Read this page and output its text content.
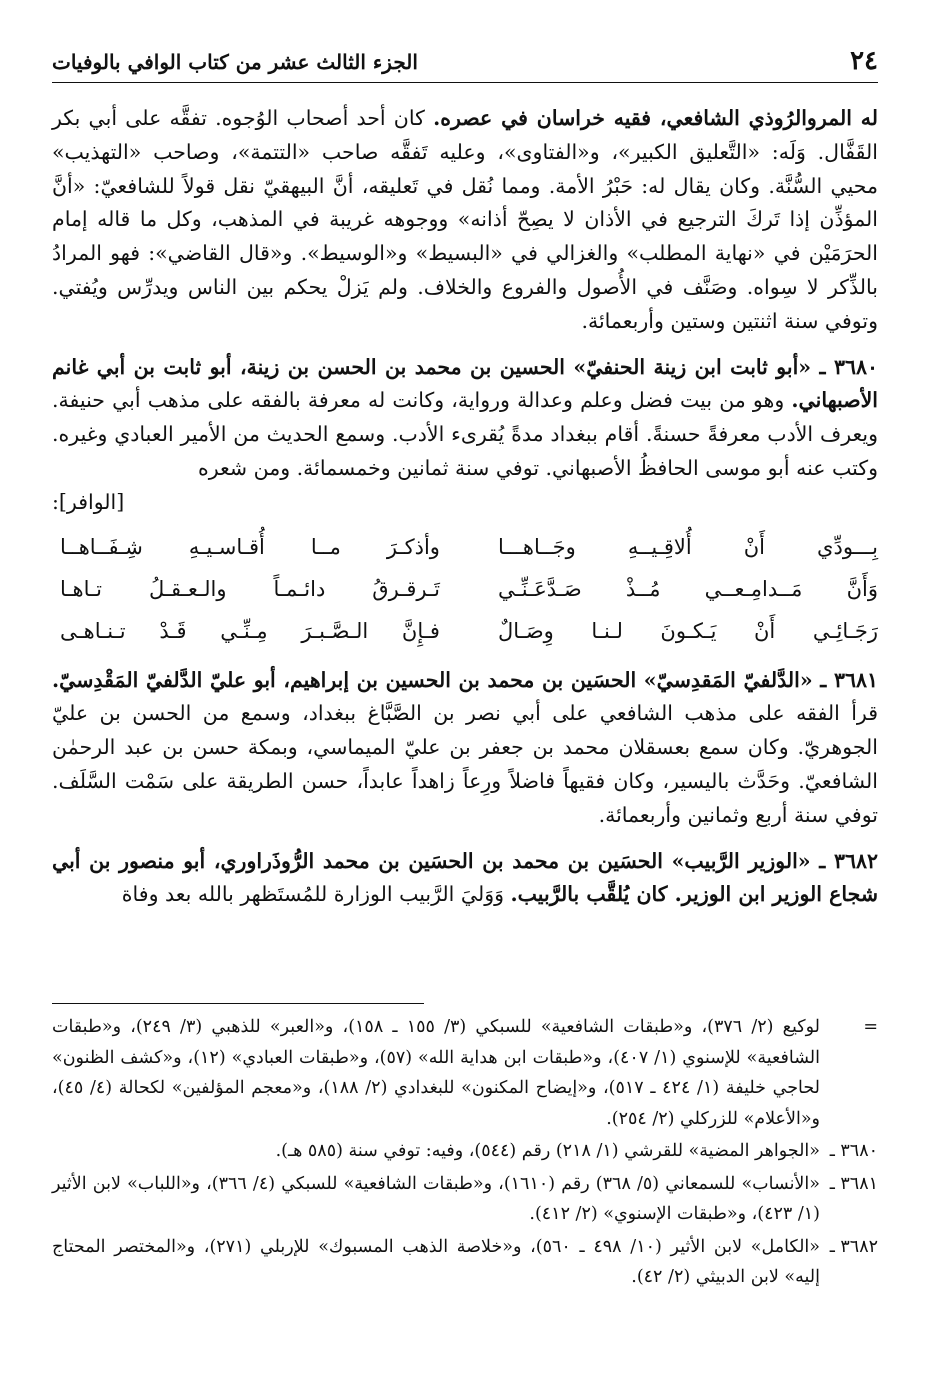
٢٤
الجزء الثالث عشر من كتاب الوافي بالوفيات

له المروالرُوذي الشافعي، فقيه خراسان في عصره. كان أحد أصحاب الوُجوه. تفقَّه على أبي بكر القَفَّال. وَلَه: «التَّعليق الكبير»، و«الفتاوى»، وعليه تَفقَّه صاحب «التتمة»، وصاحب «التهذيب» محيي السُّنَّة. وكان يقال له: حَبْرُ الأمة. ومما نُقل في تَعليقه، أنَّ البيهقيّ نقل قولاً للشافعيّ: «أنَّ المؤذِّن إذا تَركَ الترجيع في الأذان لا يصِحّ أذانه» ووجوهه غريبة في المذهب، وكل ما قاله إمام الحرَمَيْن في «نهاية المطلب» والغزالي في «البسيط» و«الوسيط». و«قال القاضي»: فهو المرادُ بالذِّكر لا سِواه. وصَنَّف في الأُصول والفروع والخلاف. ولم يَزلْ يحكم بين الناس ويدرِّس ويُفتي. وتوفي سنة اثنتين وستين وأربعمائة.

٣٦٨٠ ـ «أبو ثابت ابن زينة الحنفيّ» الحسين بن محمد بن الحسن بن زينة، أبو ثابت بن أبي غانم الأصبهاني. وهو من بيت فضل وعلم وعدالة ورواية، وكانت له معرفة بالفقه على مذهب أبي حنيفة. ويعرف الأدب معرفةً حسنةً. أقام ببغداد مدةً يُقرىء الأدب. وسمع الحديث من الأمير العبادي وغيره. وكتب عنه أبو موسى الحافظُ الأصبهاني. توفي سنة ثمانين وخمسمائة. ومن شعره
[الوافر]:

بِـــودِّي أَنْ أُلاقِـيــهِ وجَــاهـــا
وأذكـرَ مــا أُقـاسـيـهِ شِـفَــاهــا
وَأَنَّ مَــدامِـعــي مُــذْ صَـدَّعَـنِّـي
تَـرقـرقُ دائـمـاً والـعـقـلُ تـاهـا
رَجَـائِـي أَنْ يَـكـونَ لـنـا وِصَـالٌ
فـإِنَّ الـصَّـبـرَ مِـنِّـي قَـدْ تـنـاهـى

٣٦٨١ ـ «الدَّلفيّ المَقدِسيّ» الحسَين بن محمد بن الحسين بن إبراهيم، أبو عليّ الدَّلفيّ المَقْدِسيّ. قرأ الفقه على مذهب الشافعي على أبي نصر بن الصَّبَّاغ ببغداد، وسمع من الحسن بن عليّ الجوهريّ. وكان سمع بعسقلان محمد بن جعفر بن عليّ الميماسي، وبمكة حسن بن عبد الرحمٰن الشافعيّ. وحَدَّث باليسير، وكان فقيهاً فاضلاً ورِعاً زاهداً عابداً، حسن الطريقة على سَمْت السَّلَف. توفي سنة أربع وثمانين وأربعمائة.

٣٦٨٢ ـ «الوزير الرَّبيب» الحسَين بن محمد بن الحسَين بن محمد الرُّوذَراوري، أبو منصور بن أبي شجاع الوزير ابن الوزير. كان يُلقَّب بالرَّبيب. وَوَليَ الرَّبيب الوزارة للمُستَظهر بالله بعد وفاة

=
لوكيع (٢/ ٣٧٦)، و«طبقات الشافعية» للسبكي (٣/ ١٥٥ ـ ١٥٨)، و«العبر» للذهبي (٣/ ٢٤٩)، و«طبقات الشافعية» للإسنوي (١/ ٤٠٧)، و«طبقات ابن هداية الله» (٥٧)، و«طبقات العبادي» (١٢)، و«كشف الظنون» لحاجي خليفة (١/ ٤٢٤ ـ ٥١٧)، و«إيضاح المكنون» للبغدادي (٢/ ١٨٨)، و«معجم المؤلفين» لكحالة (٤/ ٤٥)، و«الأعلام» للزركلي (٢/ ٢٥٤).
٣٦٨٠ ـ
«الجواهر المضية» للقرشي (١/ ٢١٨) رقم (٥٤٤)، وفيه: توفي سنة (٥٨٥ هـ).
٣٦٨١ ـ
«الأنساب» للسمعاني (٥/ ٣٦٨) رقم (١٦١٠)، و«طبقات الشافعية» للسبكي (٤/ ٣٦٦)، و«اللباب» لابن الأثير (١/ ٤٢٣)، و«طبقات الإسنوي» (٢/ ٤١٢).
٣٦٨٢ ـ
«الكامل» لابن الأثير (١٠/ ٤٩٨ ـ ٥٦٠)، و«خلاصة الذهب المسبوك» للإربلي (٢٧١)، و«المختصر المحتاج إليه» لابن الدبيثي (٢/ ٤٢).
